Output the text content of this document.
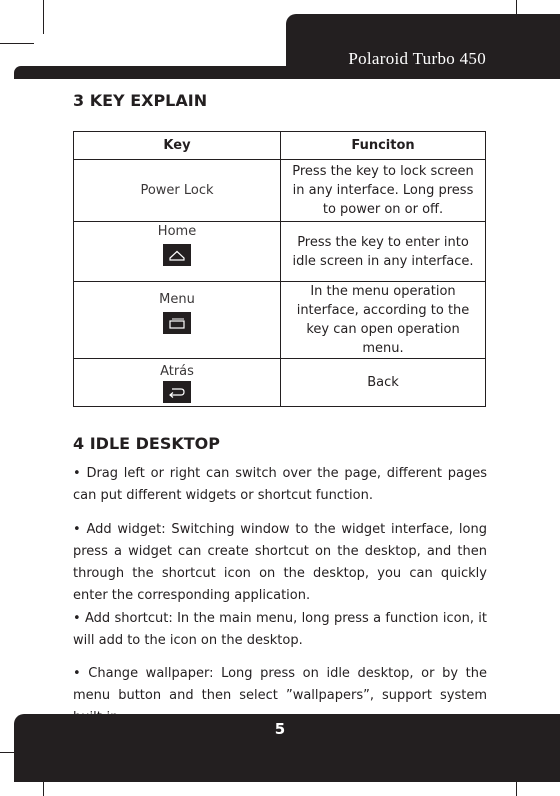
Polaroid Turbo 450
3 KEY EXPLAIN
Key	Funciton
Power Lock	Press the key to lock screen in any interface. Long press to power on or off.
Home	Press the key to enter into idle screen in any interface.
Menu	In the menu operation interface, according to the key can open operation menu.
Atrás	Back
4 IDLE DESKTOP

• Drag left or right can switch over the page, different pages can put different widgets or shortcut function.

• Add widget: Switching window to the widget interface, long press a widget can create shortcut on the desktop, and then through the shortcut icon on the desktop, you can quickly enter the corresponding application.

• Add shortcut: In the main menu, long press a function icon, it will add to the icon on the desktop.

• Change wallpaper: Long press on idle desktop, or by the menu button and then select ”wallpapers”, support system

5
